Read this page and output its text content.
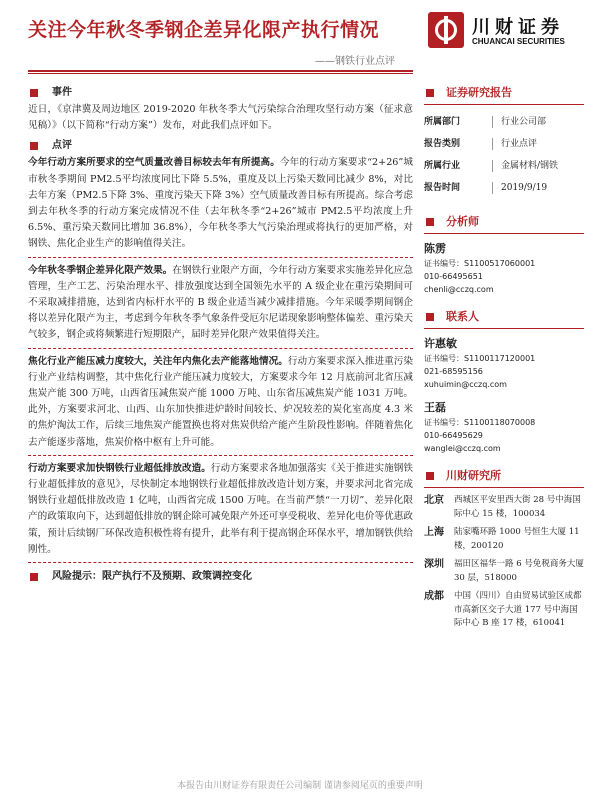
关注今年秋冬季钢企差异化限产执行情况
——钢铁行业点评
川财证券
CHUANCAI SECURITIES
事件

近日，《京津冀及周边地区 2019-2020 年秋冬季大气污染综合治理攻坚行动方案（征求意见稿）》（以下简称“行动方案”）发布，对此我们点评如下。

点评

今年行动方案所要求的空气质量改善目标较去年有所提高。今年的行动方案要求“2+26”城市秋冬季期间 PM2.5平均浓度同比下降 5.5%，重度及以上污染天数同比减少 8%，对比去年方案（PM2.5下降 3%、重度污染天下降 3%）空气质量改善目标有所提高。综合考虑到去年秋冬季的行动方案完成情况不佳（去年秋冬季“2+26”城市 PM2.5平均浓度上升 6.5%、重污染天数同比增加 36.8%），今年秋冬季大气污染治理或将执行的更加严格，对钢铁、焦化企业生产的影响值得关注。

今年秋冬季钢企差异化限产效果。在钢铁行业限产方面，今年行动方案要求实施差异化应急管理，生产工艺、污染治理水平、排放强度达到全国领先水平的 A 级企业在重污染期间可不采取减排措施，达到省内标杆水平的 B 级企业适当减少减排措施。今年采暖季期间钢企将以差异化限产为主，考虑到今年秋冬季气象条件受厄尔尼诺现象影响整体偏差、重污染天气较多，钢企或将频繁进行短期限产，届时差异化限产效果值得关注。

焦化行业产能压减力度较大，关注年内焦化去产能落地情况。行动方案要求深入推进重污染行业产业结构调整，其中焦化行业产能压减力度较大，方案要求今年 12 月底前河北省压减焦炭产能 300 万吨，山西省压减焦炭产能 1000 万吨、山东省压减焦炭产能 1031 万吨。此外，方案要求河北、山西、山东加快推进炉龄时间较长、炉况较差的炭化室高度 4.3 米的焦炉淘汰工作，后续三地焦炭产能置换也将对焦炭供给产能产生阶段性影响。伴随着焦化去产能逐步落地，焦炭价格中枢有上升可能。

行动方案要求加快钢铁行业超低排放改造。行动方案要求各地加强落实《关于推进实施钢铁行业超低排放的意见》，尽快制定本地钢铁行业超低排放改造计划方案，并要求河北省完成钢铁行业超低排放改造 1 亿吨，山西省完成 1500 万吨。在当前严禁“一刀切”、差异化限产的政策取向下，达到超低排放的钢企除可减免限产外还可享受税收、差异化电价等优惠政策，预计后续钢厂环保改造积极性将有提升，此举有利于提高钢企环保水平，增加钢铁供给刚性。

风险提示：限产执行不及预期、政策调控变化
证券研究报告
所属部门	行业公司部
报告类别	行业点评
所属行业	金属材料/钢铁
报告时间	2019/9/19
分析师
陈雳
证书编号：S1100517060001
010-66495651
chenli@cczq.com
联系人
许惠敏
证书编号：S1100117120001
021-68595156
xuhuimin@cczq.com
王磊
证书编号：S1100118070008
010-66495629
wanglei@cczq.com
川财研究所
北京	西城区平安里西大街 28 号中海国际中心 15 楼，100034
上海	陆家嘴环路 1000 号恒生大厦 11 楼，200120
深圳	福田区福华一路 6 号免税商务大厦 30 层，518000
成都	中国（四川）自由贸易试验区成都市高新区交子大道 177 号中海国际中心 B 座 17 楼，610041
本报告由川财证券有限责任公司编制 谨请参阅尾页的重要声明
